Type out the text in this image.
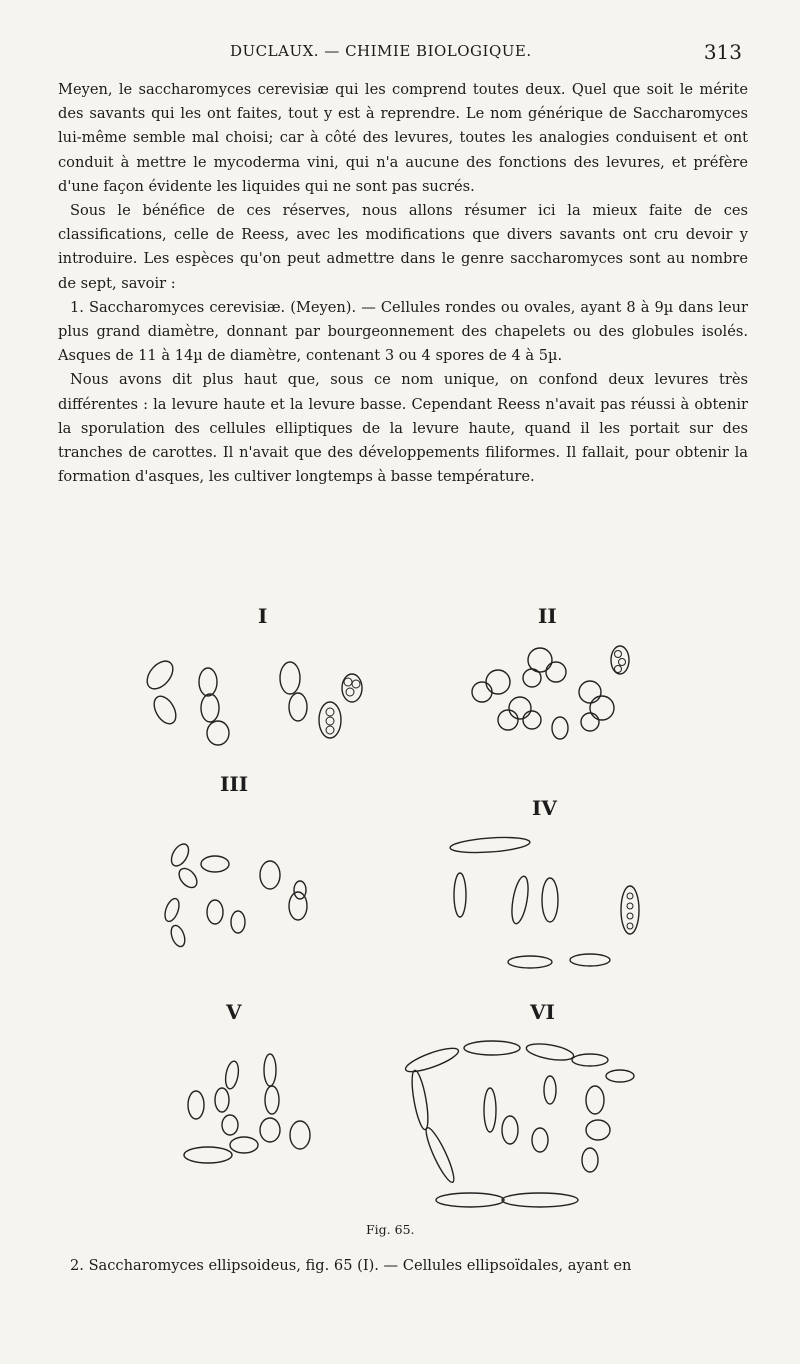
DUCLAUX. — CHIMIE BIOLOGIQUE.	313

Meyen, le saccharomyces cerevisiæ qui les comprend toutes deux. Quel que soit le mérite des savants qui les ont faites, tout y est à reprendre. Le nom générique de Saccharomyces lui-même semble mal choisi; car à côté des levures, toutes les analogies conduisent et ont conduit à mettre le mycoderma vini, qui n'a aucune des fonctions des levures, et préfère d'une façon évidente les liquides qui ne sont pas sucrés.

Sous le bénéfice de ces réserves, nous allons résumer ici la mieux faite de ces classifications, celle de Reess, avec les modifications que divers savants ont cru devoir y introduire. Les espèces qu'on peut admettre dans le genre saccharomyces sont au nombre de sept, savoir :

1. Saccharomyces cerevisiæ. (Meyen). — Cellules rondes ou ovales, ayant 8 à 9µ dans leur plus grand diamètre, donnant par bourgeonnement des chapelets ou des globules isolés. Asques de 11 à 14µ de diamètre, contenant 3 ou 4 spores de 4 à 5µ.

Nous avons dit plus haut que, sous ce nom unique, on confond deux levures très différentes : la levure haute et la levure basse. Cependant Reess n'avait pas réussi à obtenir la sporulation des cellules elliptiques de la levure haute, quand il les portait sur des tranches de carottes. Il n'avait que des développements filiformes. Il fallait, pour obtenir la formation d'asques, les cultiver longtemps à basse température.

I	II
III
IV
V	VI
Fig. 65.

2. Saccharomyces ellipsoideus, fig. 65 (I). — Cellules ellipsoïdales, ayant en
